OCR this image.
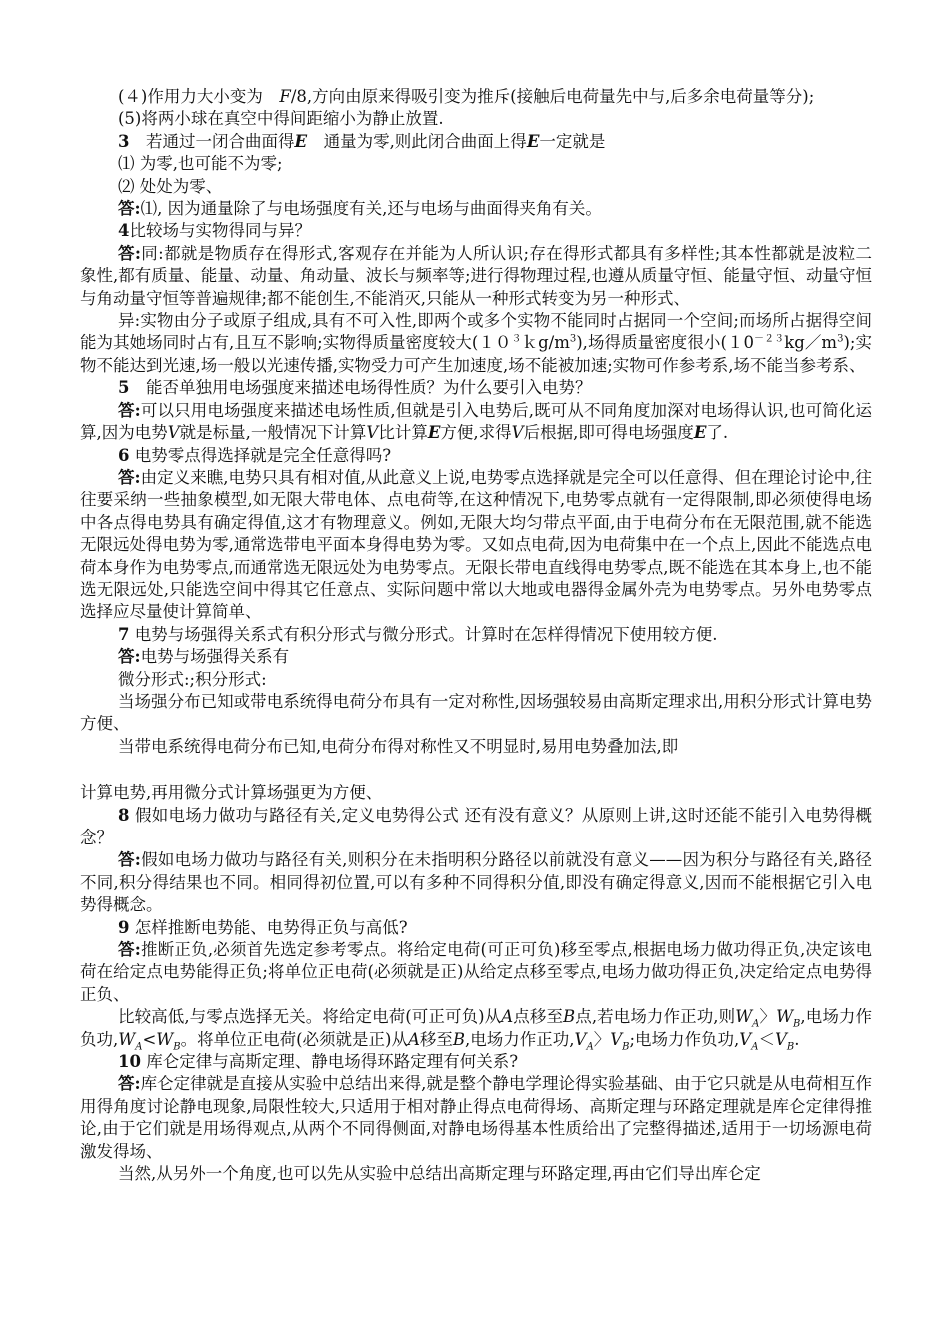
(４)作用力大小变为　F/8,方向由原来得吸引变为推斥(接触后电荷量先中与,后多余电荷量等分);

(5)将两小球在真空中得间距缩小为静止放置.

3　若通过一闭合曲面得E　通量为零,则此闭合曲面上得E一定就是

⑴ 为零,也可能不为零;

⑵ 处处为零、

答:⑴, 因为通量除了与电场强度有关,还与电场与曲面得夹角有关。

4比较场与实物得同与异？

答:同:都就是物质存在得形式,客观存在并能为人所认识;存在得形式都具有多样性;其本性都就是波粒二象性,都有质量、能量、动量、角动量、波长与频率等;进行得物理过程,也遵从质量守恒、能量守恒、动量守恒与角动量守恒等普遍规律;都不能创生,不能消灭,只能从一种形式转变为另一种形式、

异:实物由分子或原子组成,具有不可入性,即两个或多个实物不能同时占据同一个空间;而场所占据得空间能为其她场同时占有,且互不影响;实物得质量密度较大$(10^3kg/m^3)$,场得质量密度很小$(10^{-23}kg/m^3)$;实物不能达到光速,场一般以光速传播,实物受力可产生加速度,场不能被加速;实物可作参考系,场不能当参考系、

5　能否单独用电场强度来描述电场得性质？为什么要引入电势？

答:可以只用电场强度来描述电场性质,但就是引入电势后,既可从不同角度加深对电场得认识,也可简化运算,因为电势V就是标量,一般情况下计算V比计算E方便,求得V后根据,即可得电场强度E了.

6 电势零点得选择就是完全任意得吗?

答:由定义来瞧,电势只具有相对值,从此意义上说,电势零点选择就是完全可以任意得、但在理论讨论中,往往要采纳一些抽象模型,如无限大带电体、点电荷等,在这种情况下,电势零点就有一定得限制,即必须使得电场中各点得电势具有确定得值,这才有物理意义。例如,无限大均匀带点平面,由于电荷分布在无限范围,就不能选无限远处得电势为零,通常选带电平面本身得电势为零。又如点电荷,因为电荷集中在一个点上,因此不能选点电荷本身作为电势零点,而通常选无限远处为电势零点。无限长带电直线得电势零点,既不能选在其本身上,也不能选无限远处,只能选空间中得其它任意点、实际问题中常以大地或电器得金属外壳为电势零点。另外电势零点选择应尽量使计算简单、

7 电势与场强得关系式有积分形式与微分形式。计算时在怎样得情况下使用较方便.

答:电势与场强得关系有

微分形式:;积分形式:

当场强分布已知或带电系统得电荷分布具有一定对称性,因场强较易由高斯定理求出,用积分形式计算电势方便、

当带电系统得电荷分布已知,电荷分布得对称性又不明显时,易用电势叠加法,即

计算电势,再用微分式计算场强更为方便、

8 假如电场力做功与路径有关,定义电势得公式 还有没有意义？从原则上讲,这时还能不能引入电势得概念？

答:假如电场力做功与路径有关,则积分在未指明积分路径以前就没有意义——因为积分与路径有关,路径不同,积分得结果也不同。相同得初位置,可以有多种不同得积分值,即没有确定得意义,因而不能根据它引入电势得概念。

9 怎样推断电势能、电势得正负与高低?

答:推断正负,必须首先选定参考零点。将给定电荷(可正可负)移至零点,根据电场力做功得正负,决定该电荷在给定点电势能得正负;将单位正电荷(必须就是正)从给定点移至零点,电场力做功得正负,决定给定点电势得正负、

比较高低,与零点选择无关。将给定电荷(可正可负)从A点移至B点,若电场力作正功,则$W_A$〉$W_B$,电场力作负功$,W_A<W_B$。将单位正电荷(必须就是正)从A移至B,电场力作正功$,V_A$〉$V_B$;电场力作负功$,V_A<V_B$.

10 库仑定律与高斯定理、静电场得环路定理有何关系?

答:库仑定律就是直接从实验中总结出来得,就是整个静电学理论得实验基础、由于它只就是从电荷相互作用得角度讨论静电现象,局限性较大,只适用于相对静止得点电荷得场、高斯定理与环路定理就是库仑定律得推论,由于它们就是用场得观点,从两个不同得侧面,对静电场得基本性质给出了完整得描述,适用于一切场源电荷激发得场、

当然,从另外一个角度,也可以先从实验中总结出高斯定理与环路定理,再由它们导出库仑定
